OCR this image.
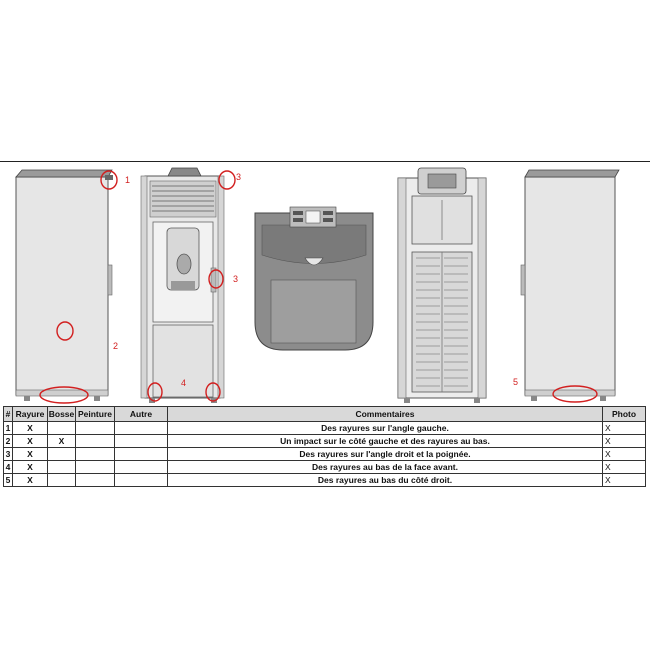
1
2
3
3
4	5
#	Rayure	Bosse	Peinture	Autre	Commentaires	Photo
1	X				Des rayures sur l'angle gauche.	X
2	X	X			Un impact sur le côté gauche et des rayures au bas.	X
3	X				Des rayures sur l'angle droit et la poignée.	X
4	X				Des rayures au bas de la face avant.	X
5	X				Des rayures au bas du côté droit.	X
